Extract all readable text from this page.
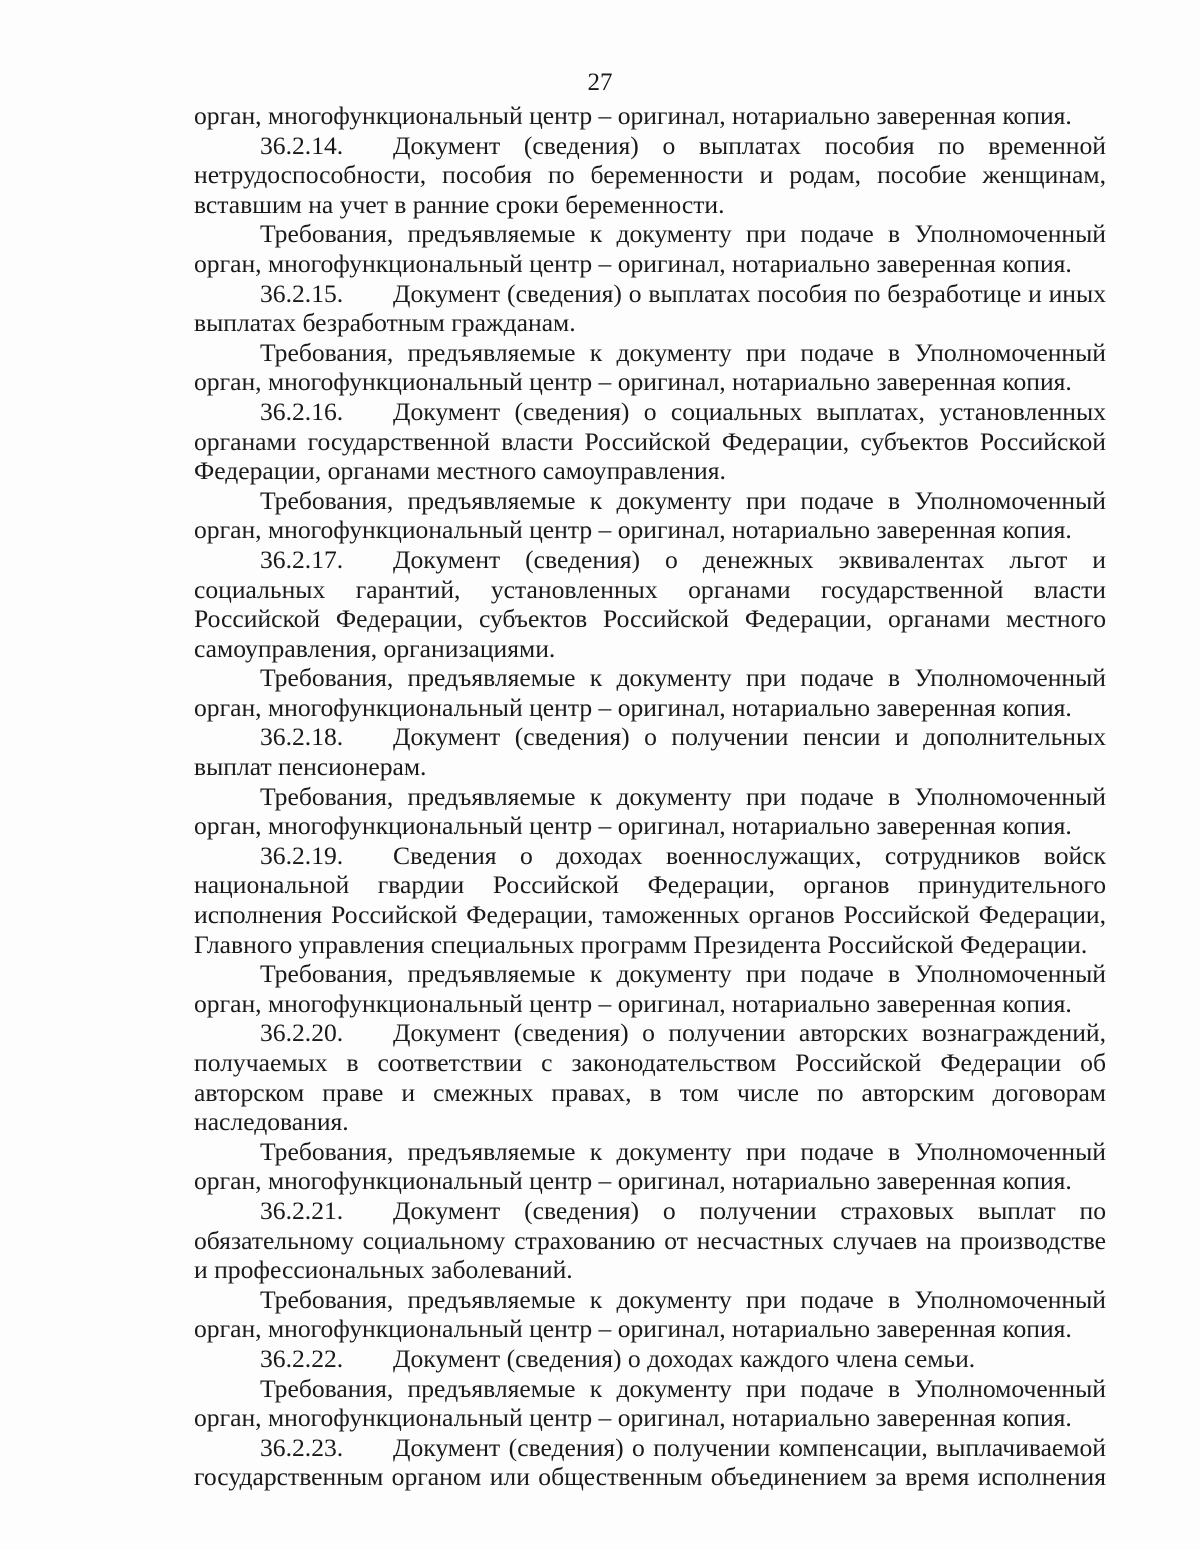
27

орган, многофункциональный центр – оригинал, нотариально заверенная копия.

36.2.14. Документ (сведения) о выплатах пособия по временной нетрудоспособности, пособия по беременности и родам, пособие женщинам, вставшим на учет в ранние сроки беременности.

Требования, предъявляемые к документу при подаче в Уполномоченный орган, многофункциональный центр – оригинал, нотариально заверенная копия.

36.2.15. Документ (сведения) о выплатах пособия по безработице и иных выплатах безработным гражданам.

Требования, предъявляемые к документу при подаче в Уполномоченный орган, многофункциональный центр – оригинал, нотариально заверенная копия.

36.2.16. Документ (сведения) о социальных выплатах, установленных органами государственной власти Российской Федерации, субъектов Российской Федерации, органами местного самоуправления.

Требования, предъявляемые к документу при подаче в Уполномоченный орган, многофункциональный центр – оригинал, нотариально заверенная копия.

36.2.17. Документ (сведения) о денежных эквивалентах льгот и социальных гарантий, установленных органами государственной власти Российской Федерации, субъектов Российской Федерации, органами местного самоуправления, организациями.

Требования, предъявляемые к документу при подаче в Уполномоченный орган, многофункциональный центр – оригинал, нотариально заверенная копия.

36.2.18. Документ (сведения) о получении пенсии и дополнительных выплат пенсионерам.

Требования, предъявляемые к документу при подаче в Уполномоченный орган, многофункциональный центр – оригинал, нотариально заверенная копия.

36.2.19. Сведения о доходах военнослужащих, сотрудников войск национальной гвардии Российской Федерации, органов принудительного исполнения Российской Федерации, таможенных органов Российской Федерации, Главного управления специальных программ Президента Российской Федерации.

Требования, предъявляемые к документу при подаче в Уполномоченный орган, многофункциональный центр – оригинал, нотариально заверенная копия.

36.2.20. Документ (сведения) о получении авторских вознаграждений, получаемых в соответствии с законодательством Российской Федерации об авторском праве и смежных правах, в том числе по авторским договорам наследования.

Требования, предъявляемые к документу при подаче в Уполномоченный орган, многофункциональный центр – оригинал, нотариально заверенная копия.

36.2.21. Документ (сведения) о получении страховых выплат по обязательному социальному страхованию от несчастных случаев на производстве и профессиональных заболеваний.

Требования, предъявляемые к документу при подаче в Уполномоченный орган, многофункциональный центр – оригинал, нотариально заверенная копия.

36.2.22. Документ (сведения) о доходах каждого члена семьи.

Требования, предъявляемые к документу при подаче в Уполномоченный орган, многофункциональный центр – оригинал, нотариально заверенная копия.

36.2.23. Документ (сведения) о получении компенсации, выплачиваемой государственным органом или общественным объединением за время исполнения
